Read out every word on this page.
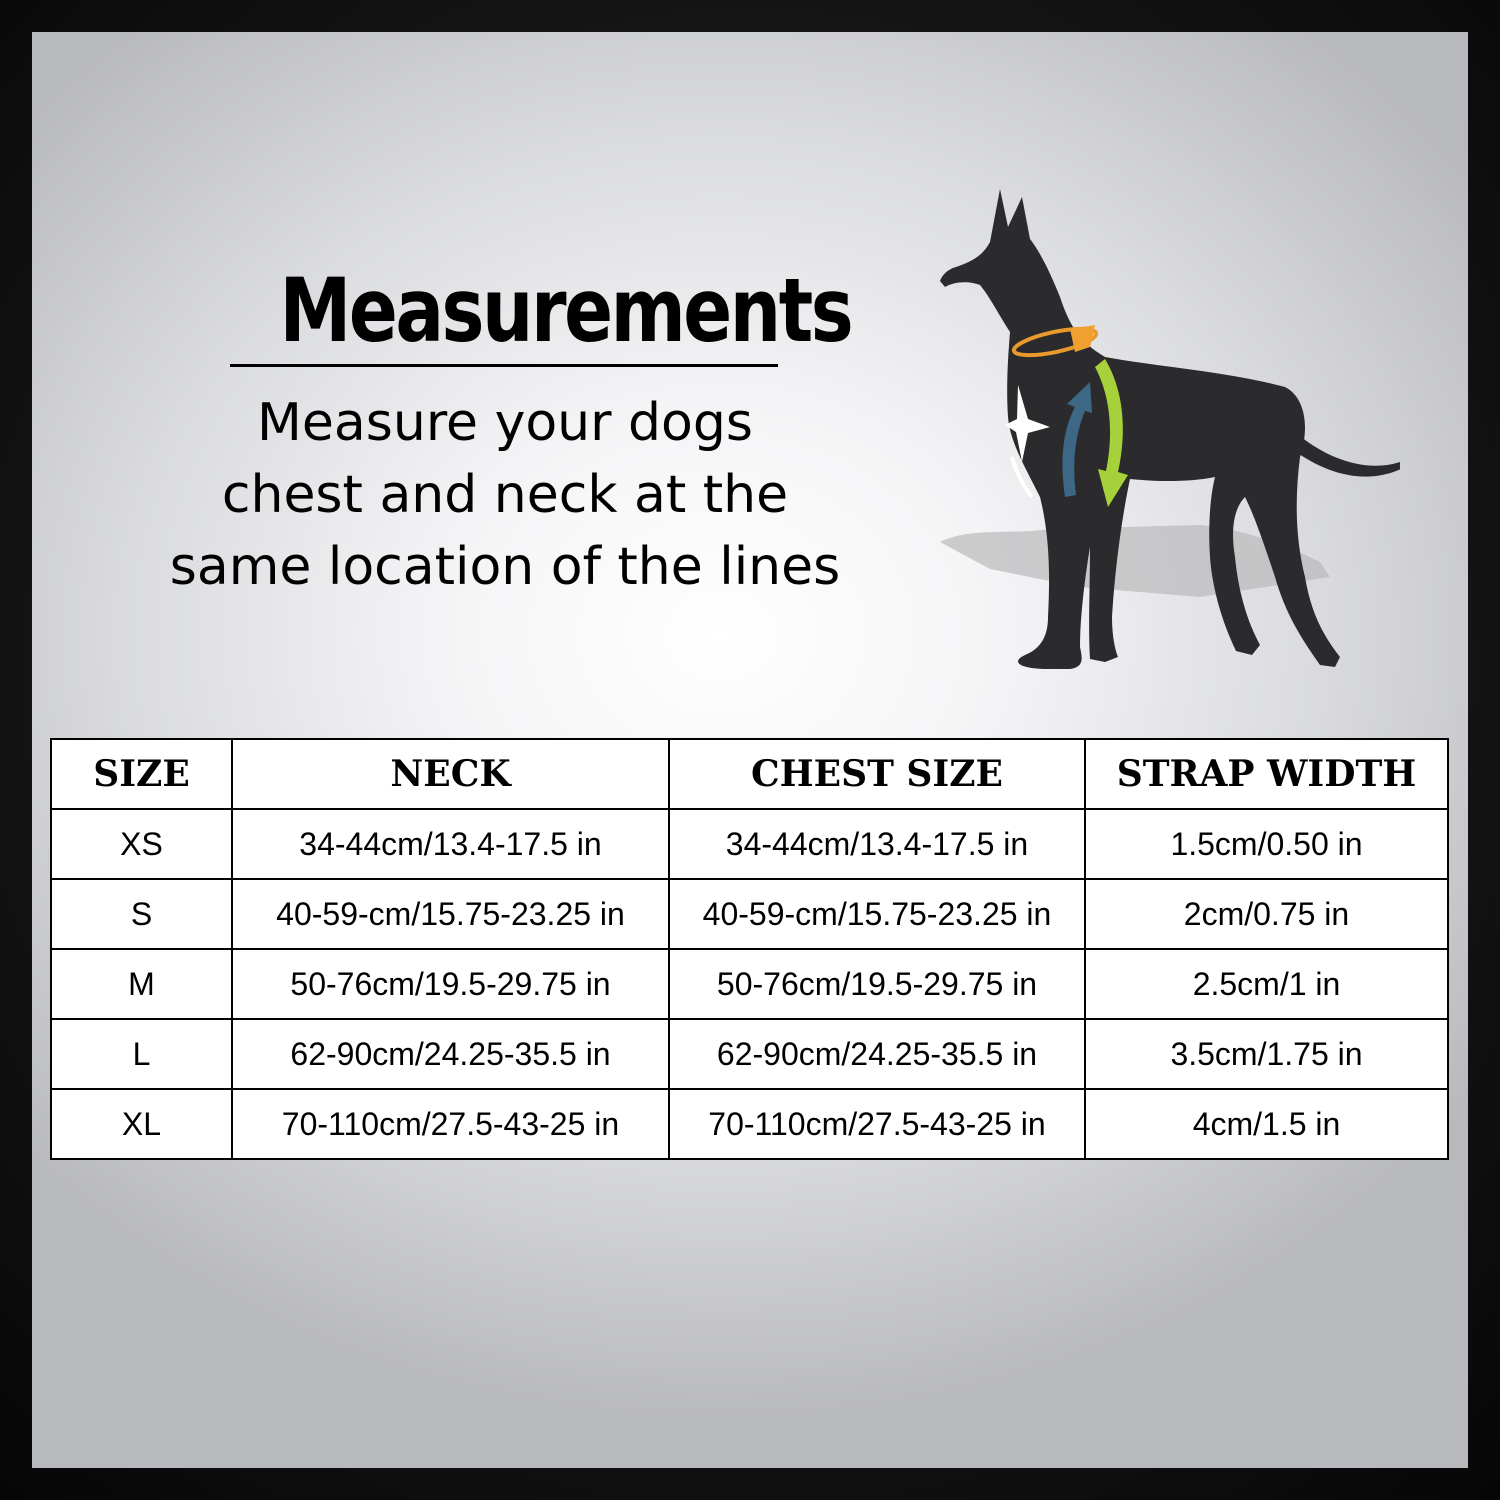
Measurements
Measure your dogs
chest and neck at the
same location of the lines
SIZE	NECK	CHEST SIZE	STRAP WIDTH
XS	34-44cm/13.4-17.5 in	34-44cm/13.4-17.5 in	1.5cm/0.50 in
S	40-59-cm/15.75-23.25 in	40-59-cm/15.75-23.25 in	2cm/0.75 in
M	50-76cm/19.5-29.75 in	50-76cm/19.5-29.75 in	2.5cm/1 in
L	62-90cm/24.25-35.5 in	62-90cm/24.25-35.5 in	3.5cm/1.75 in
XL	70-110cm/27.5-43-25 in	70-110cm/27.5-43-25 in	4cm/1.5 in
